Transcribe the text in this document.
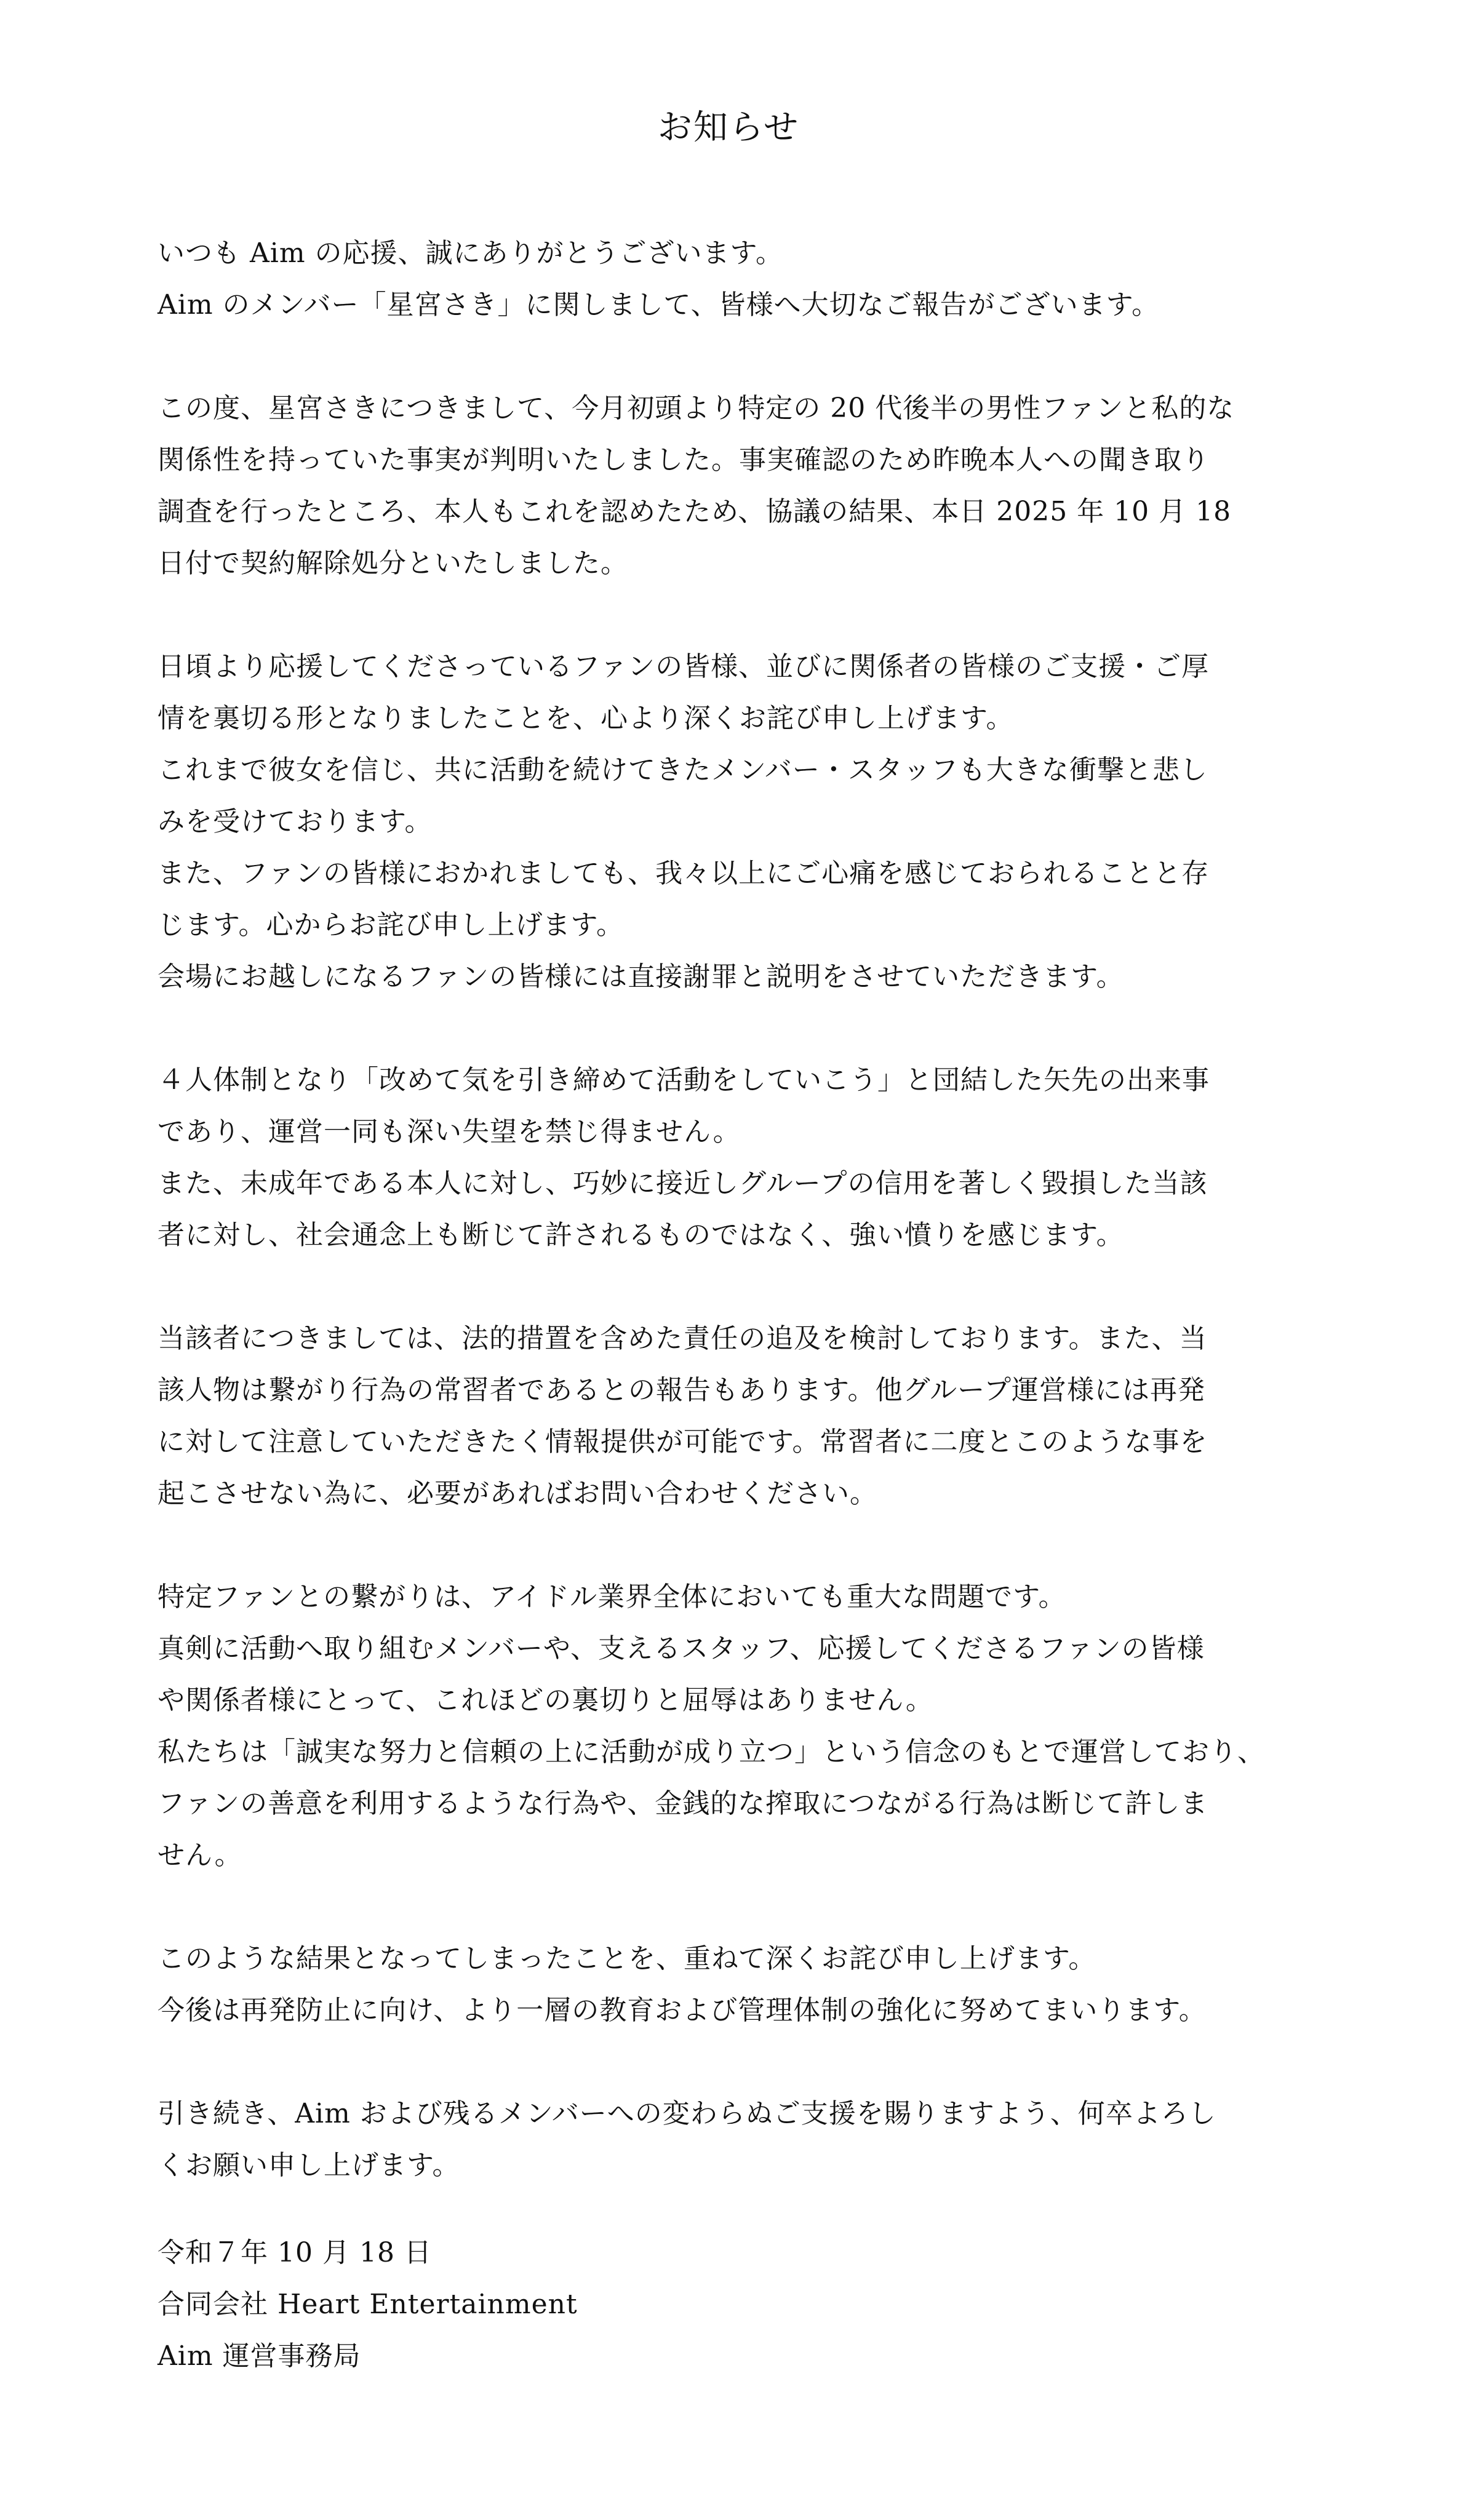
お知らせ
いつも Aim の応援、誠にありがとうございます。
Aim のメンバー「星宮さき」に関しまして、皆様へ大切なご報告がございます。
この度、星宮さきにつきまして、今月初頭より特定の 20 代後半の男性ファンと私的な
関係性を持っていた事実が判明いたしました。事実確認のため昨晩本人への聞き取り
調査を行ったところ、本人もこれを認めたため、協議の結果、本日 2025 年 10 月 18
日付で契約解除処分といたしました。
日頃より応援してくださっているファンの皆様、並びに関係者の皆様のご支援・ご厚
情を裏切る形となりましたことを、心より深くお詫び申し上げます。
これまで彼女を信じ、共に活動を続けてきたメンバー・スタッフも大きな衝撃と悲し
みを受けております。
また、ファンの皆様におかれましても、我々以上にご心痛を感じておられることと存
じます。心からお詫び申し上げます。
会場にお越しになるファンの皆様には直接謝罪と説明をさせていただきます。
４人体制となり「改めて気を引き締めて活動をしていこう」と団結した矢先の出来事
であり、運営一同も深い失望を禁じ得ません。
また、未成年である本人に対し、巧妙に接近しグループの信用を著しく毀損した当該
者に対し、社会通念上も断じて許されるものではなく、強い憤りを感じます。
当該者につきましては、法的措置を含めた責任の追及を検討しております。また、当
該人物は繋がり行為の常習者であるとの報告もあります。他グループ運営様には再発
に対して注意していただきたく情報提供が可能です。常習者に二度とこのような事を
起こさせない為に、必要があればお問い合わせください。
特定ファンとの繋がりは、アイドル業界全体においても重大な問題です。
真剣に活動へ取り組むメンバーや、支えるスタッフ、応援してくださるファンの皆様
や関係者様にとって、これほどの裏切りと屈辱はありません。
私たちは「誠実な努力と信頼の上に活動が成り立つ」という信念のもとで運営しており、
ファンの善意を利用するような行為や、金銭的な搾取につながる行為は断じて許しま
せん。
このような結果となってしまったことを、重ねて深くお詫び申し上げます。
今後は再発防止に向け、より一層の教育および管理体制の強化に努めてまいります。
引き続き、Aim および残るメンバーへの変わらぬご支援を賜りますよう、何卒よろし
くお願い申し上げます。
令和７年 10 月 18 日
合同会社 Heart Entertainment
Aim 運営事務局
